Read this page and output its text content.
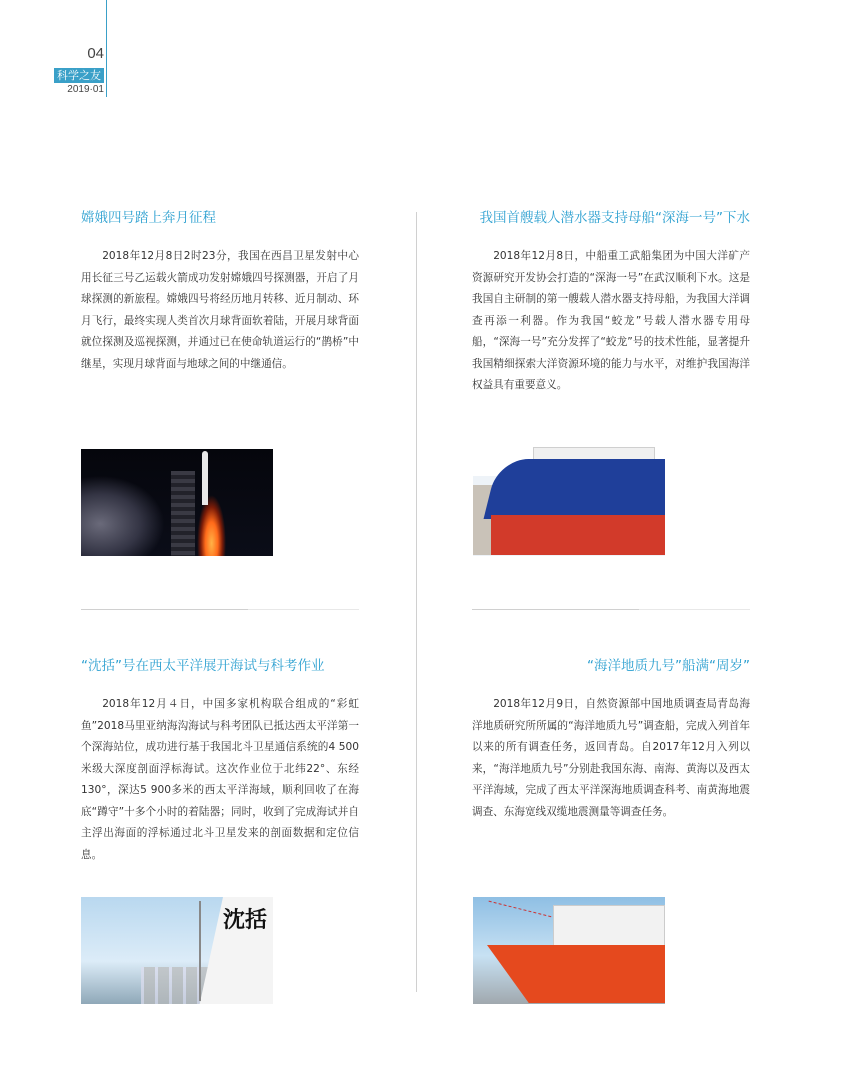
04
科学之友
2019·01
嫦娥四号踏上奔月征程

2018年12月8日2时23分，我国在西昌卫星发射中心用长征三号乙运载火箭成功发射嫦娥四号探测器，开启了月球探测的新旅程。嫦娥四号将经历地月转移、近月制动、环月飞行，最终实现人类首次月球背面软着陆，开展月球背面就位探测及巡视探测，并通过已在使命轨道运行的“鹊桥”中继星，实现月球背面与地球之间的中继通信。

我国首艘载人潜水器支持母船“深海一号”下水

2018年12月8日，中船重工武船集团为中国大洋矿产资源研究开发协会打造的“深海一号”在武汉顺利下水。这是我国自主研制的第一艘载人潜水器支持母船，为我国大洋调查再添一利器。作为我国“蛟龙”号载人潜水器专用母船，“深海一号”充分发挥了“蛟龙”号的技术性能，显著提升我国精细探索大洋资源环境的能力与水平，对维护我国海洋权益具有重要意义。

“沈括”号在西太平洋展开海试与科考作业

2018年12月４日，中国多家机构联合组成的“彩虹鱼”2018马里亚纳海沟海试与科考团队已抵达西太平洋第一个深海站位，成功进行基于我国北斗卫星通信系统的4 500米级大深度剖面浮标海试。这次作业位于北纬22°、东经130°，深达5 900多米的西太平洋海域，顺利回收了在海底“蹲守”十多个小时的着陆器；同时，收到了完成海试并自主浮出海面的浮标通过北斗卫星发来的剖面数据和定位信息。

沈括
“海洋地质九号”船满“周岁”

2018年12月9日，自然资源部中国地质调查局青岛海洋地质研究所所属的“海洋地质九号”调查船，完成入列首年以来的所有调查任务，返回青岛。自2017年12月入列以来，“海洋地质九号”分别赴我国东海、南海、黄海以及西太平洋海域，完成了西太平洋深海地质调查科考、南黄海地震调查、东海宽线双缆地震测量等调查任务。
